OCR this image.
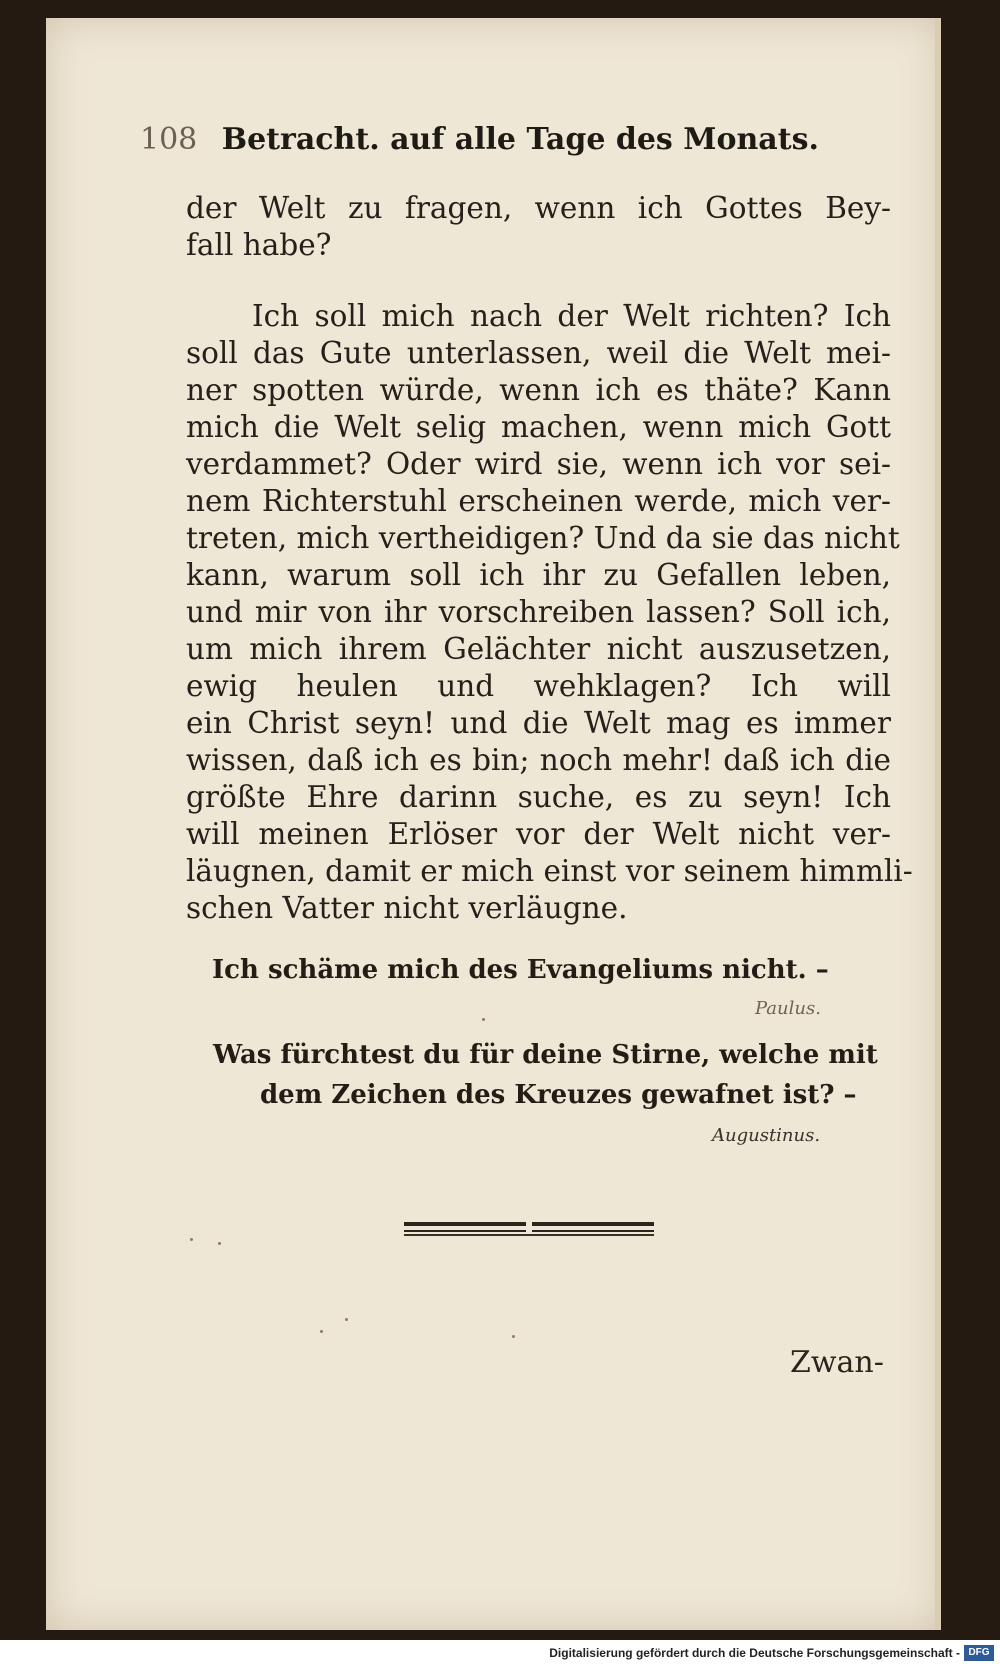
108 Betracht. auf alle Tage des Monats.
der Welt zu fragen, wenn ich Gottes Bey-
fall habe?
Ich soll mich nach der Welt richten? Ich
soll das Gute unterlassen, weil die Welt mei-
ner spotten würde, wenn ich es thäte? Kann
mich die Welt selig machen, wenn mich Gott
verdammet? Oder wird sie, wenn ich vor sei-
nem Richterstuhl erscheinen werde, mich ver-
treten, mich vertheidigen? Und da sie das nicht
kann, warum soll ich ihr zu Gefallen leben,
und mir von ihr vorschreiben lassen? Soll ich,
um mich ihrem Gelächter nicht auszusetzen,
ewig heulen und wehklagen? Ich will
ein Christ seyn! und die Welt mag es immer
wissen, daß ich es bin; noch mehr! daß ich die
größte Ehre darinn suche, es zu seyn! Ich
will meinen Erlöser vor der Welt nicht ver-
läugnen, damit er mich einst vor seinem himmli-
schen Vatter nicht verläugne.
Ich schäme mich des Evangeliums nicht. –
Paulus.
Was fürchtest du für deine Stirne, welche mit
dem Zeichen des Kreuzes gewafnet ist? –
Augustinus.
Zwan-
Digitalisierung gefördert durch die Deutsche Forschungsgemeinschaft - DFG
